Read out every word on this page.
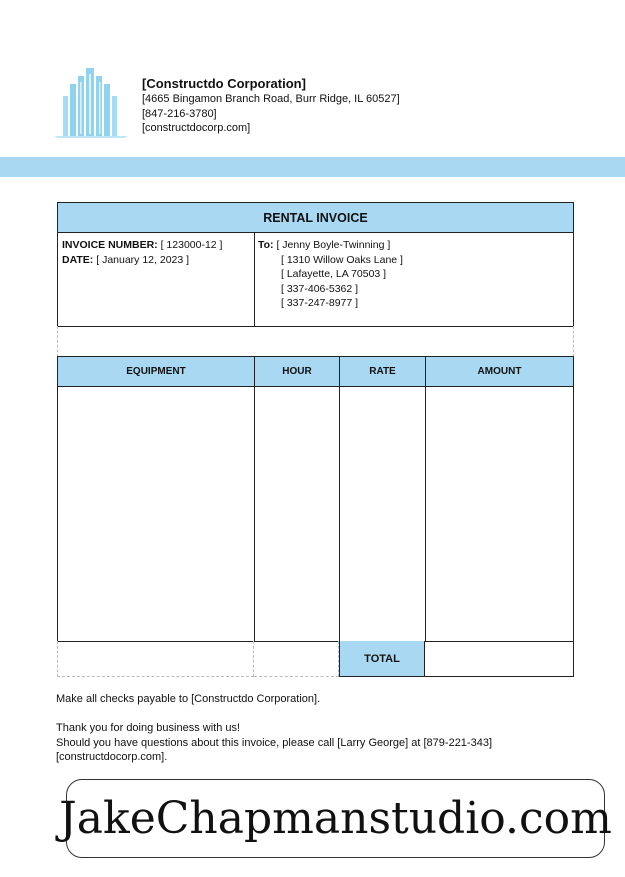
[Constructdo Corporation]
[4665 Bingamon Branch Road, Burr Ridge, IL 60527]
[847-216-3780]
[constructdocorp.com]
RENTAL INVOICE
INVOICE NUMBER: [ 123000-12 ]
DATE: [ January 12, 2023 ]
To: [ Jenny Boyle-Twinning ]
[ 1310 Willow Oaks Lane ]
[ Lafayette, LA 70503 ]
[ 337-406-5362 ]
[ 337-247-8977 ]
EQUIPMENT	HOUR	RATE	AMOUNT
TOTAL

Make all checks payable to [Constructdo Corporation].

Thank you for doing business with us!

Should you have questions about this invoice, please call [Larry George] at [879-221-343]

[constructdocorp.com].

JakeChapmanstudio.com
